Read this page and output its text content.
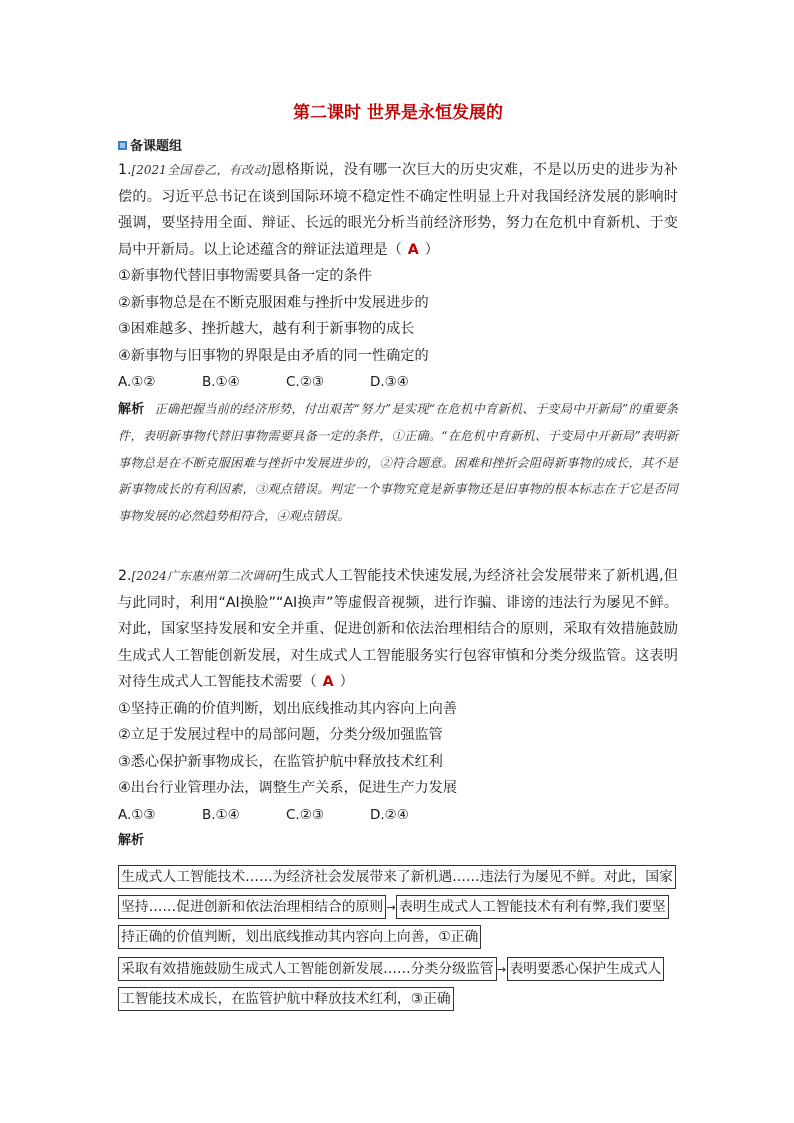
第二课时 世界是永恒发展的
备课题组
1.[2021全国卷乙，有改动]恩格斯说，没有哪一次巨大的历史灾难，不是以历史的进步为补偿的。习近平总书记在谈到国际环境不稳定性不确定性明显上升对我国经济发展的影响时强调，要坚持用全面、辩证、长远的眼光分析当前经济形势，努力在危机中育新机、于变局中开新局。以上论述蕴含的辩证法道理是（ A ）
①新事物代替旧事物需要具备一定的条件
②新事物总是在不断克服困难与挫折中发展进步的
③困难越多、挫折越大，越有利于新事物的成长
④新事物与旧事物的界限是由矛盾的同一性确定的
A.①②	B.①④	C.②③	D.③④
解析 正确把握当前的经济形势，付出艰苦“努力”是实现“在危机中育新机、于变局中开新局”的重要条件，表明新事物代替旧事物需要具备一定的条件，①正确。“在危机中育新机、于变局中开新局”表明新事物总是在不断克服困难与挫折中发展进步的，②符合题意。困难和挫折会阻碍新事物的成长，其不是新事物成长的有利因素，③观点错误。判定一个事物究竟是新事物还是旧事物的根本标志在于它是否同事物发展的必然趋势相符合，④观点错误。
2.[2024广东惠州第二次调研]生成式人工智能技术快速发展,为经济社会发展带来了新机遇,但与此同时，利用“AI换脸”“AI换声”等虚假音视频，进行诈骗、诽谤的违法行为屡见不鲜。对此，国家坚持发展和安全并重、促进创新和依法治理相结合的原则，采取有效措施鼓励生成式人工智能创新发展，对生成式人工智能服务实行包容审慎和分类分级监管。这表明对待生成式人工智能技术需要（ A ）
①坚持正确的价值判断，划出底线推动其内容向上向善
②立足于发展过程中的局部问题，分类分级加强监管
③悉心保护新事物成长，在监管护航中释放技术红利
④出台行业管理办法，调整生产关系，促进生产力发展
A.①③	B.①④	C.②③	D.②④
解析
生成式人工智能技术……为经济社会发展带来了新机遇……违法行为屡见不鲜。对此，国家
坚持……促进创新和依法治理相结合的原则 → 表明生成式人工智能技术有利有弊,我们要坚
持正确的价值判断，划出底线推动其内容向上向善，①正确
采取有效措施鼓励生成式人工智能创新发展……分类分级监管 → 表明要悉心保护生成式人
工智能技术成长，在监管护航中释放技术红利，③正确
